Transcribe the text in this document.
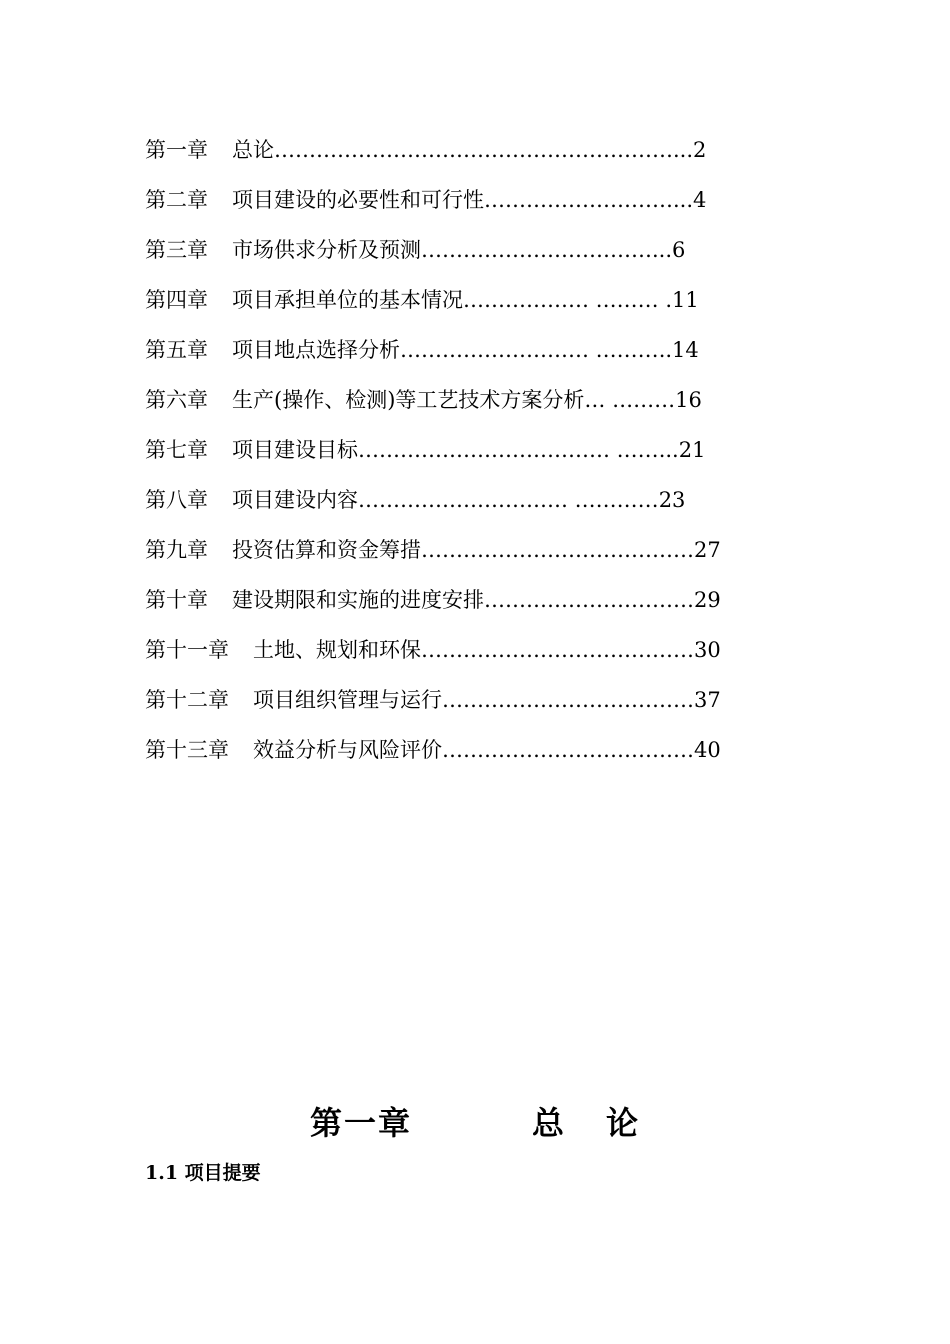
第一章 总论…………………………………………………...2
第二章 项目建设的必要性和可行性………………………...4
第三章 市场供求分析及预测……………………………...6
第四章 项目承担单位的基本情况……………… ……… .11
第五章 项目地点选择分析……………………… ………..14
第六章 生产(操作、检测)等工艺技术方案分析… ………16
第七章 项目建设目标……………………………… ……...21
第八章 项目建设内容………………………… …………23
第九章 投资估算和资金筹措…………………………………27
第十章 建设期限和实施的进度安排…………………………29
第十一章 土地、规划和环保…………………………………30
第十二章 项目组织管理与运行………………………………37
第十三章 效益分析与风险评价………………………………40
第一章	总 论
1.1 项目提要
